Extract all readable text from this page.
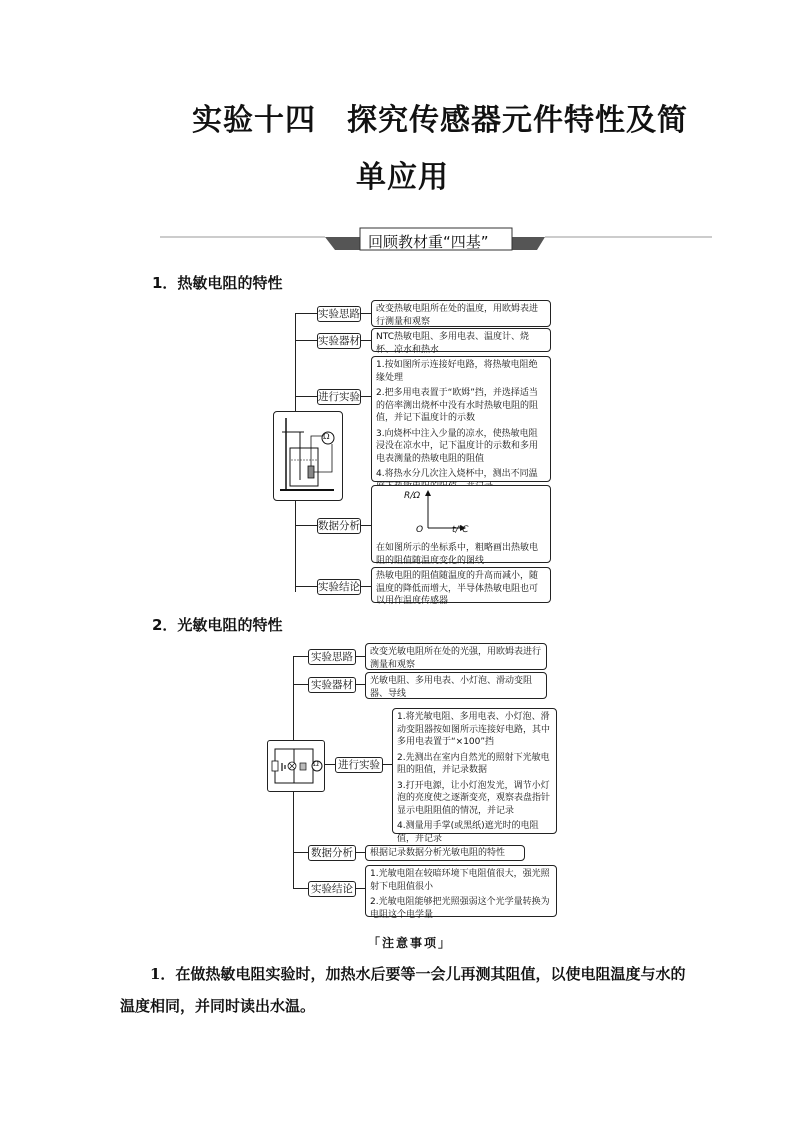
实验十四　探究传感器元件特性及简
单应用
回顾教材重“四基”
1．热敏电阻的特性
实验思路
实验器材
进行实验
数据分析
实验结论

改变热敏电阻所在处的温度，用欧姆表进行测量和观察

NTC热敏电阻、多用电表、温度计、烧杯、凉水和热水

1.按如图所示连接好电路，将热敏电阻绝缘处理

2.把多用电表置于“欧姆”挡，并选择适当的倍率测出烧杯中没有水时热敏电阻的阻值，并记下温度计的示数

3.向烧杯中注入少量的凉水，使热敏电阻浸没在凉水中，记下温度计的示数和多用电表测量的热敏电阻的阻值

4.将热水分几次注入烧杯中，测出不同温

R/Ω
O	t/℃

在如图所示的坐标系中，粗略画出热敏电阻的阻值随温度变化的图线

热敏电阻的阻值随温度的升高而减小，随温度的降低而增大，半导体热敏电阻也可以用作温度传感器

Ω
2．光敏电阻的特性
实验思路
实验器材
进行实验
数据分析
实验结论

改变光敏电阻所在处的光强，用欧姆表进行测量和观察

光敏电阻、多用电表、小灯泡、滑动变阻器、导线

1.将光敏电阻、多用电表、小灯泡、滑动变阻器按如图所示连接好电路，其中多用电表置于“×100”挡

2.先测出在室内自然光的照射下光敏电阻的阻值，并记录数据

3.打开电源，让小灯泡发光，调节小灯泡的亮度使之逐渐变亮，观察表盘指针显示电阻阻值的情况，并记录

4.测量用手掌(或黑纸)遮光时的电阻值，并记录

根据记录数据分析光敏电阻的特性

1.光敏电阻在较暗环境下电阻值很大，强光照射下电阻值很小

2.光敏电阻能够把光照强弱这个光学量转换为电阻这个电学量

Ω
「注意事项」
1．在做热敏电阻实验时，加热水后要等一会儿再测其阻值，以使电阻温度与水的温度相同，并同时读出水温。
